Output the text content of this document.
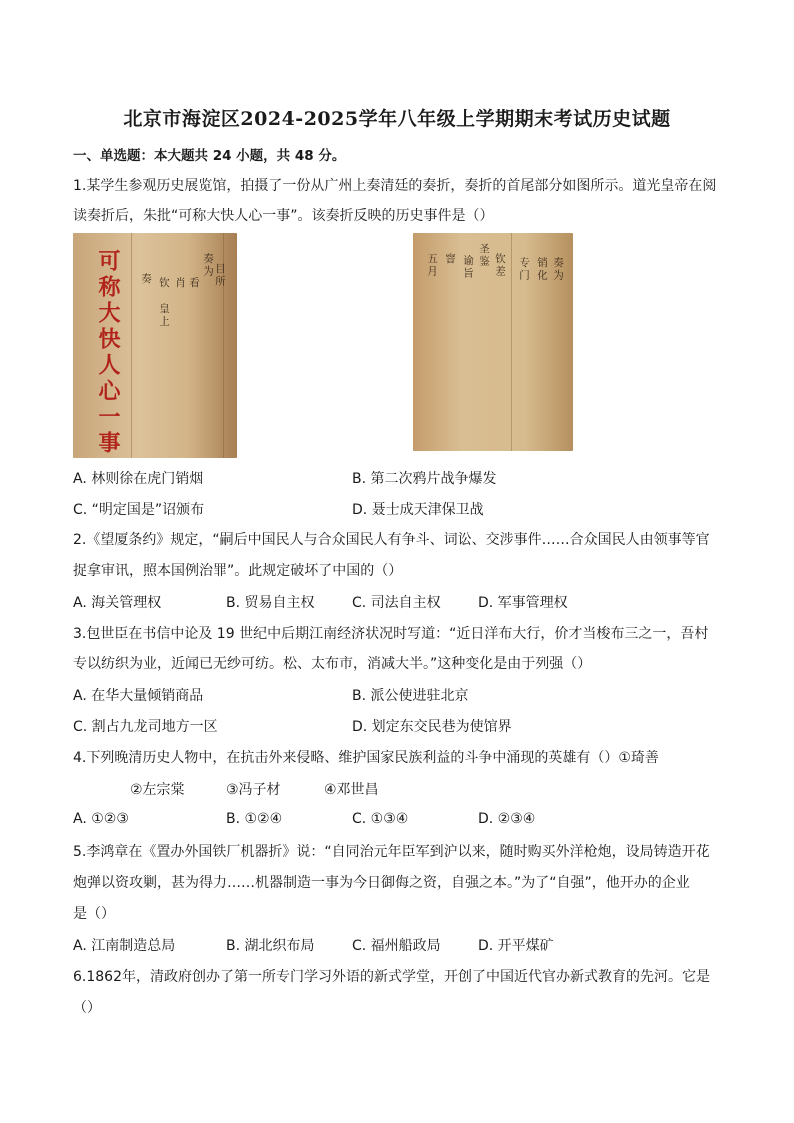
北京市海淀区2024-2025学年八年级上学期期末考试历史试题
一、单选题：本大题共 24 小题，共 48 分。
1.某学生参观历史展览馆，拍摄了一份从广州上奏清廷的奏折，奏折的首尾部分如图所示。道光皇帝在阅
读奏折后，朱批“可称大快人心一事”。该奏折反映的历史事件是（）
可称大快人心一事 奏 钦
皇上
肖 看
奏为 目所	奏为
销化
专门
钦差
圣鉴
谕旨
窨
五月
A. 林则徐在虎门销烟	B. 第二次鸦片战争爆发
C. “明定国是”诏颁布	D. 聂士成天津保卫战
2.《望厦条约》规定，“嗣后中国民人与合众国民人有争斗、词讼、交涉事件……合众国民人由领事等官
捉拿审讯，照本国例治罪”。此规定破坏了中国的（）
A. 海关管理权	B. 贸易自主权	C. 司法自主权	D. 军事管理权
3.包世臣在书信中论及 19 世纪中后期江南经济状况时写道：“近日洋布大行，价才当梭布三之一，吾村
专以纺织为业，近闻已无纱可纺。松、太布市，消减大半。”这种变化是由于列强（）
A. 在华大量倾销商品	B. 派公使进驻北京
C. 割占九龙司地方一区	D. 划定东交民巷为使馆界
4.下列晚清历史人物中，在抗击外来侵略、维护国家民族利益的斗争中涌现的英雄有（）①琦善
②左宗棠	③冯子材	④邓世昌
A. ①②③	B. ①②④	C. ①③④	D. ②③④
5.李鸿章在《置办外国铁厂机器折》说：“自同治元年臣军到沪以来，随时购买外洋枪炮，设局铸造开花
炮弹以资攻剿，甚为得力……机器制造一事为今日御侮之资，自强之本。”为了“自强”，他开办的企业
是（）
A. 江南制造总局	B. 湖北织布局	C. 福州船政局	D. 开平煤矿
6.1862年，清政府创办了第一所专门学习外语的新式学堂，开创了中国近代官办新式教育的先河。它是
（）
